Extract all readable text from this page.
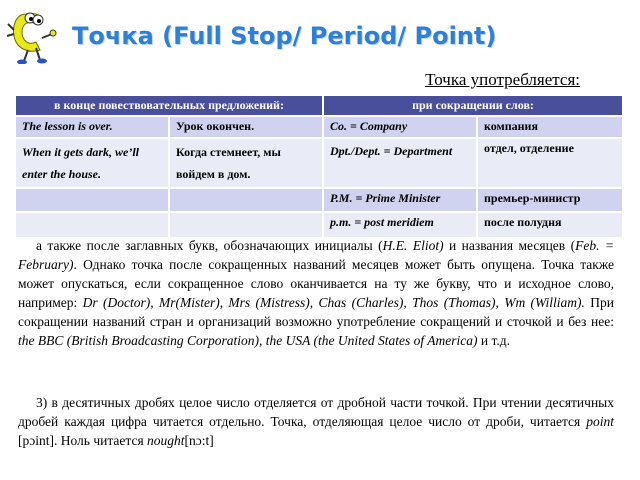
Точка (Full Stop/ Period/ Point)
Точка употребляется:
в конце повествовательных предложений:		при сокращении слов:	
The lesson is over.	Урок окончен.	Co. = Company	компания
When it gets dark, we’ll enter the house.	Когда стемнеет, мы войдем в дом.	Dpt./Dept. = Department	отдел, отделение
		P.M. = Prime Minister	премьер-министр
		p.m. = post meridiem	после полудня

а также после заглавных букв, обозначающих инициалы (H.E. Eliot) и названия месяцев (Feb. = February). Однако точка после сокращенных названий месяцев может быть опущена. Точка также может опускаться, если сокращенное слово оканчивается на ту же букву, что и исходное слово, например: Dr (Doctor), Mr(Mister), Mrs (Mistress), Chas (Charles), Thos (Thomas), Wm (William). При сокращении названий стран и организаций возможно употребление сокращений и сточкой и без нее: the BBC (British Broadcasting Corporation), the USA (the United States of America) и т.д.

3) в десятичных дробях целое число отделяется от дробной части точкой. При чтении десятичных дробей каждая цифра читается отдельно. Точка, отделяющая целое число от дроби, читается point [pɔint]. Ноль читается nought[nɔ:t]
